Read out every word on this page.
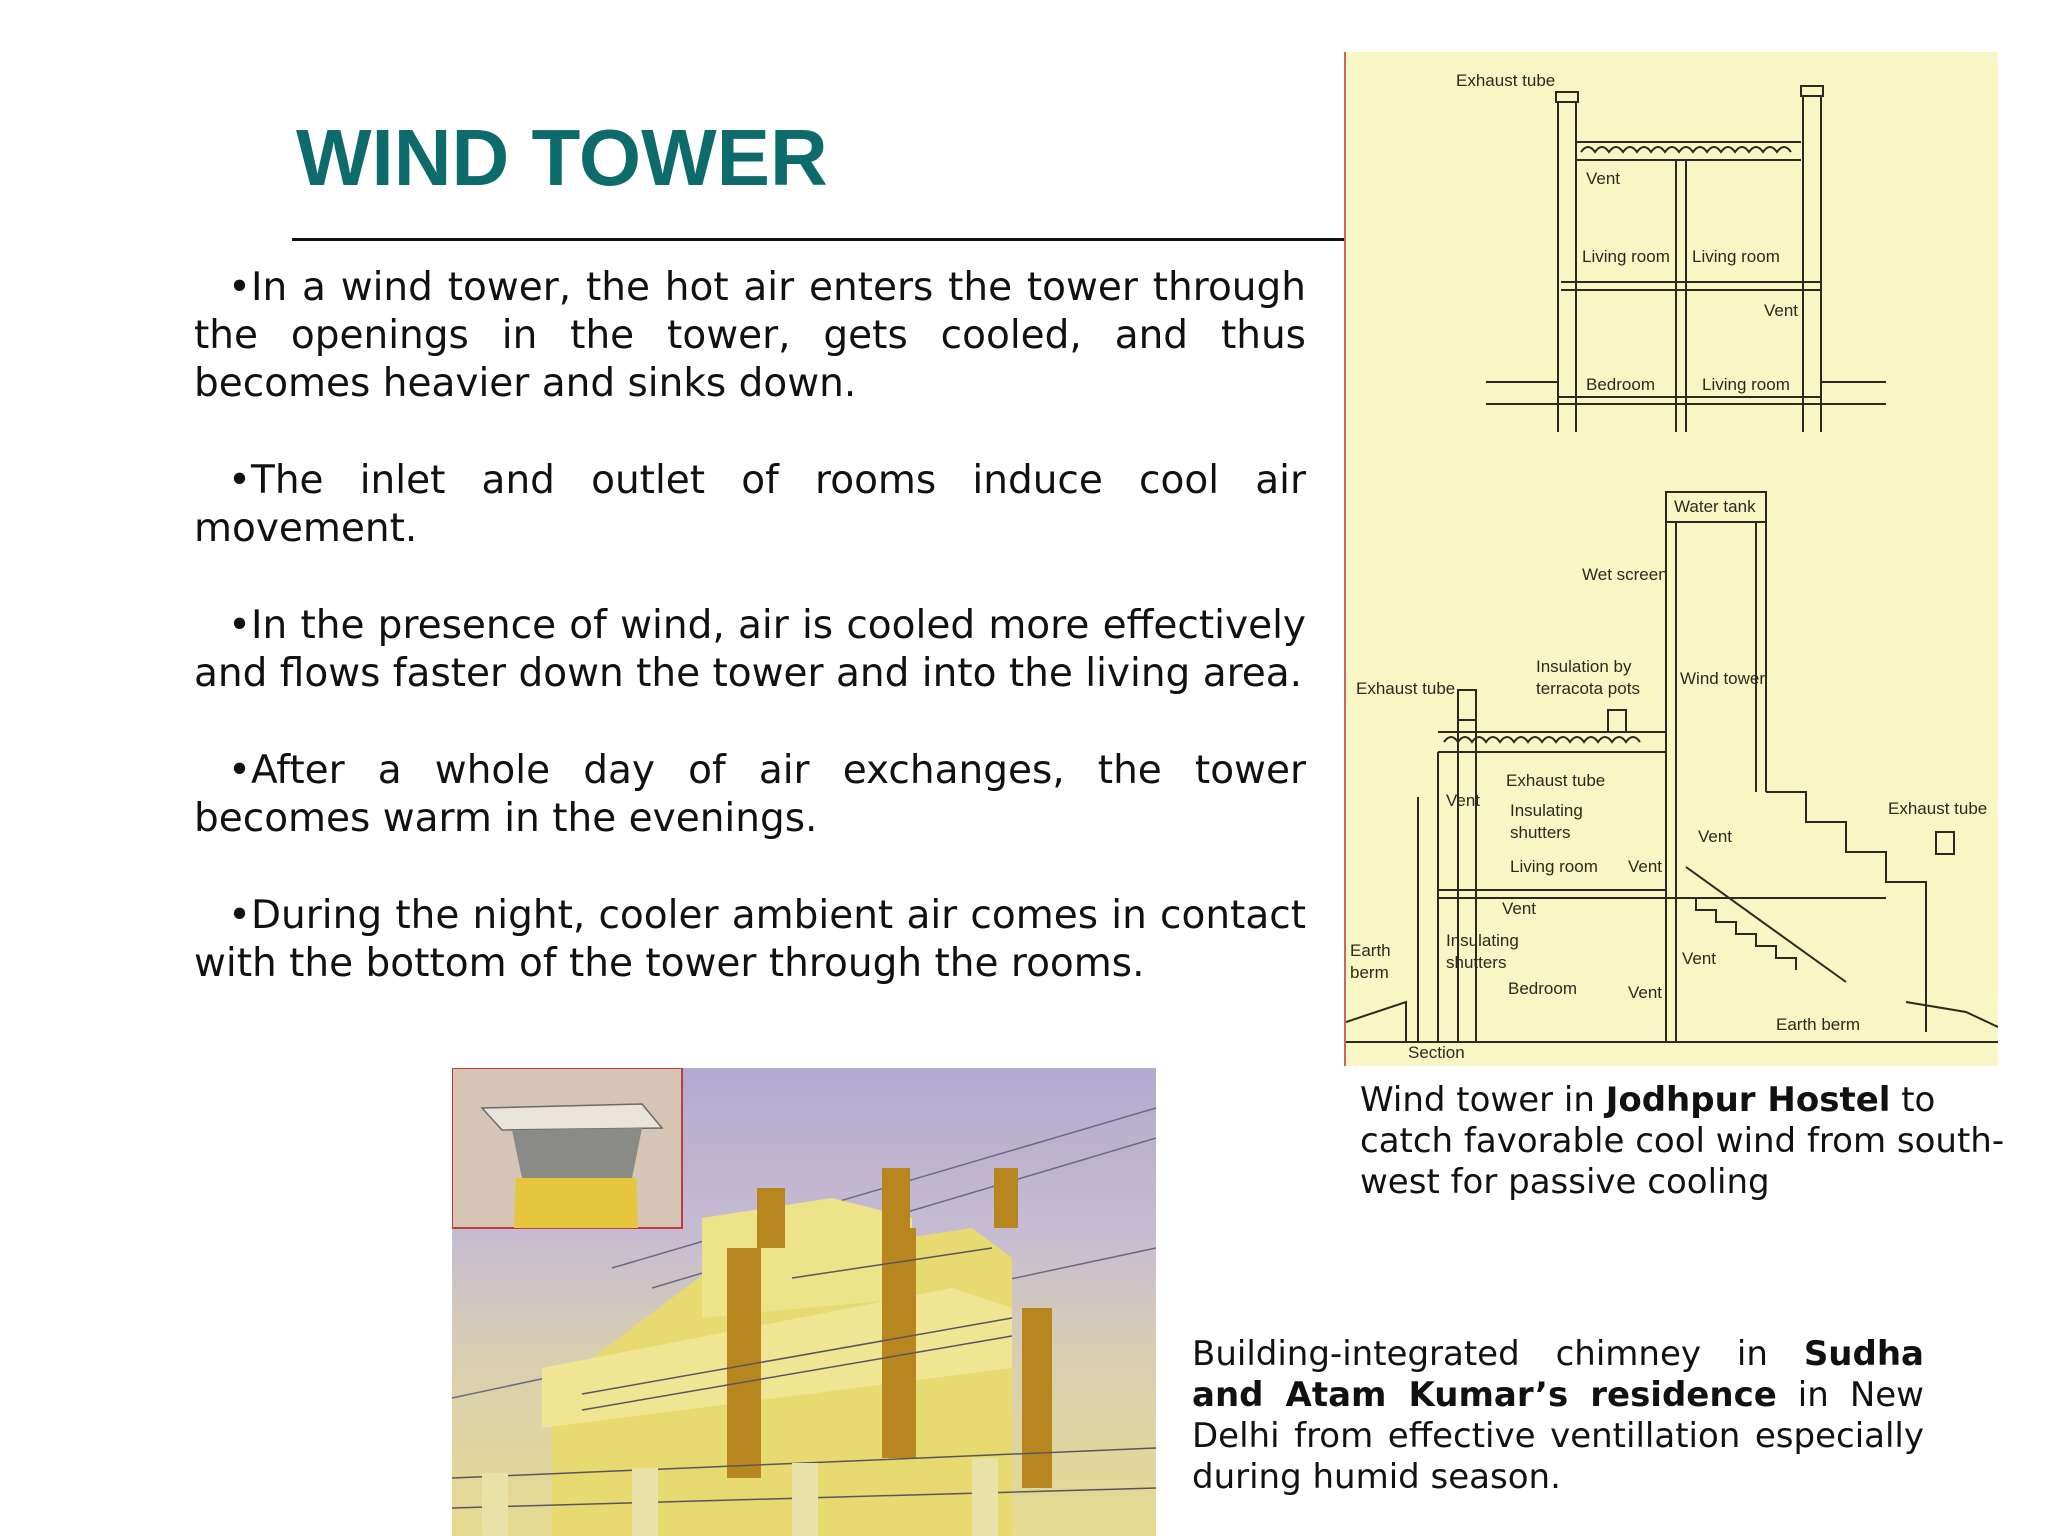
WIND TOWER

•In a wind tower, the hot air enters the tower through the openings in the tower, gets cooled, and thus becomes heavier and sinks down.

•The inlet and outlet of rooms induce cool air movement.

•In the presence of wind, air is cooled more effectively and flows faster down the tower and into the living area.

•After a whole day of air exchanges, the tower becomes warm in the evenings.

•During the night, cooler ambient air comes in contact with the bottom of the tower through the rooms.

Exhaust tube
Vent
Living room Living room
Vent
Bedroom	Living room
Water tank
Wet screen
Insulation by
terracota pots
Exhaust tube
Wind tower
Exhaust tube
Insulating
shutters
Vent
Living room Vent
Vent
Exhaust tube
Vent
Earth
berm
Insulating
shutters
Bedroom	Vent
Vent
Earth berm
Section
Wind tower in Jodhpur Hostel to catch favorable cool wind from south-west for passive cooling
Building-integrated chimney in Sudha and Atam Kumar’s residence in New Delhi from effective ventillation especially during humid season.
